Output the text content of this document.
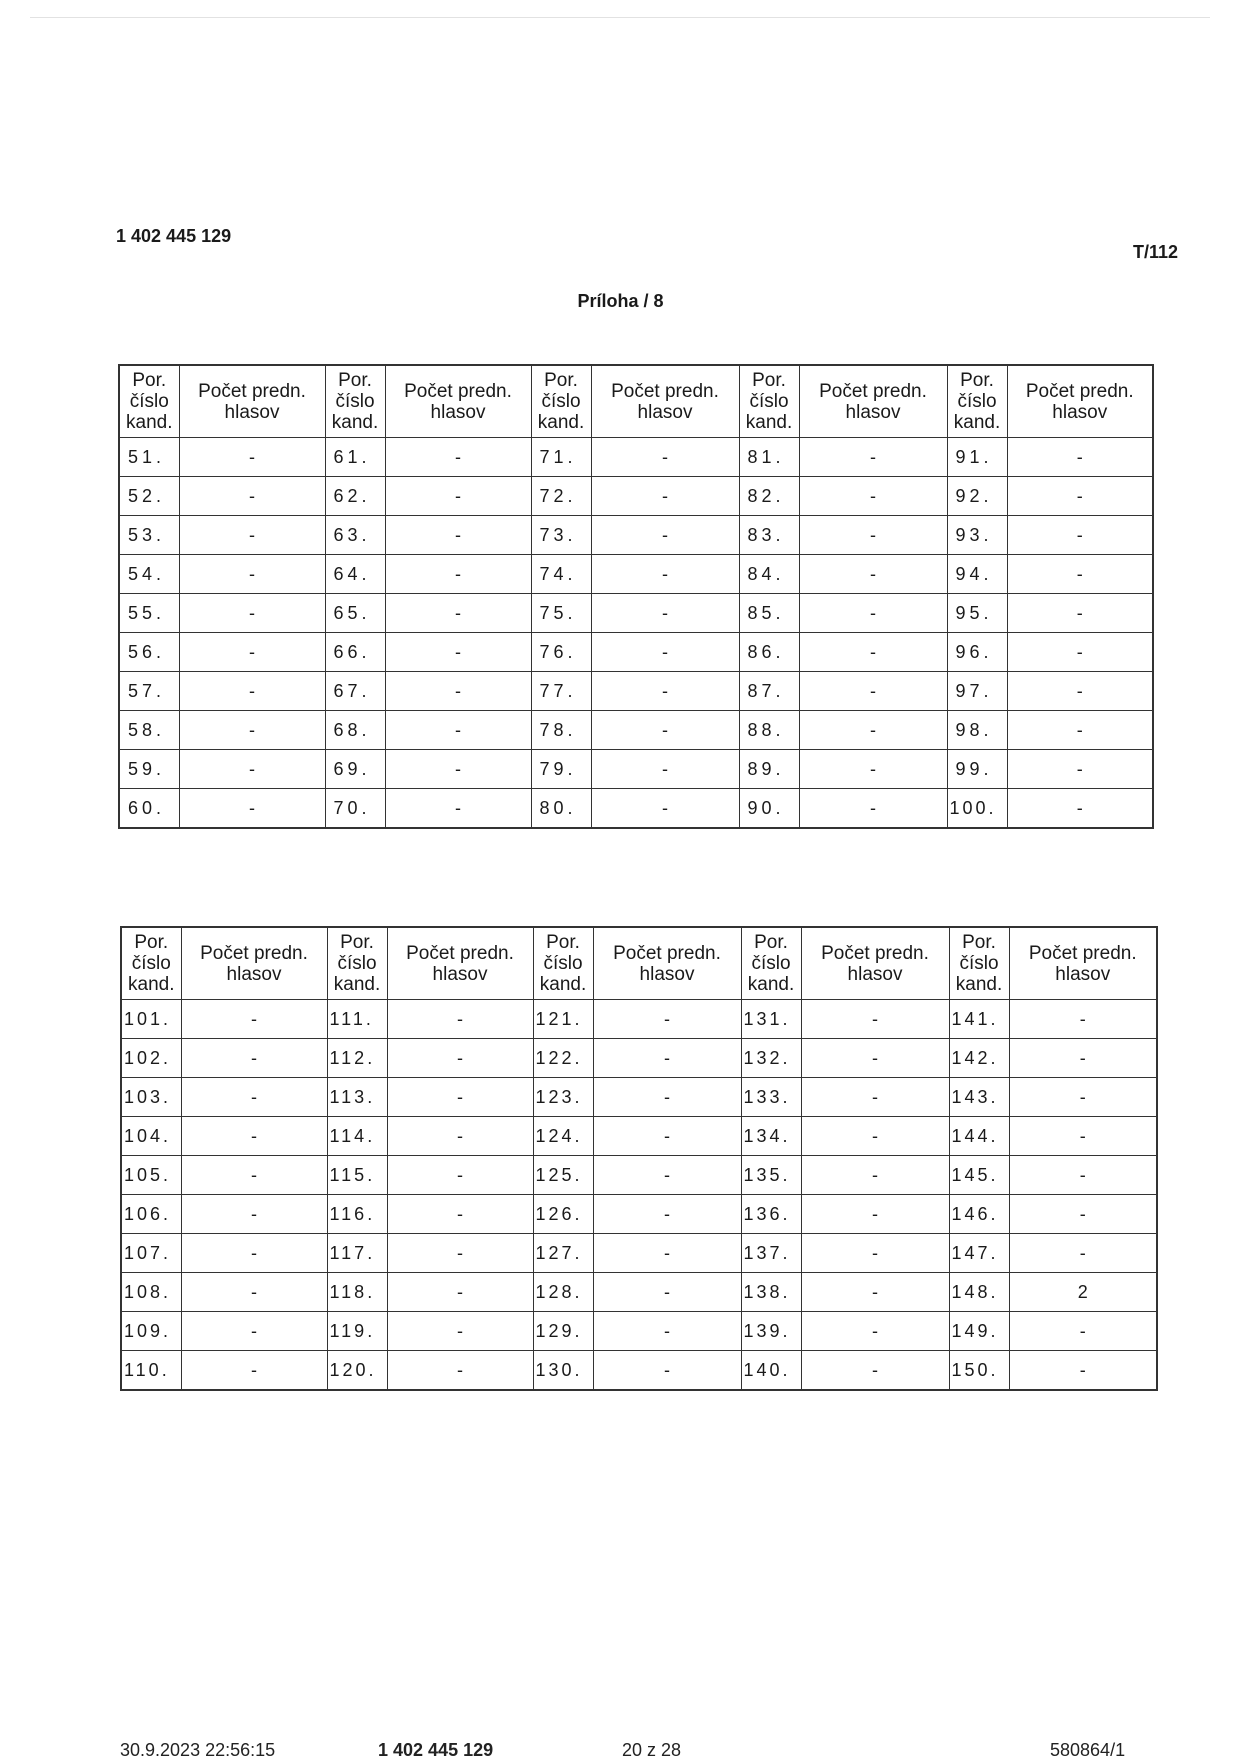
1 402 445 129
T/112
Príloha / 8
Por.
číslo
kand.	Počet predn.
hlasov	Por.
číslo
kand.	Počet predn.
hlasov	Por.
číslo
kand.	Počet predn.
hlasov	Por.
číslo
kand.	Počet predn.
hlasov	Por.
číslo
kand.	Počet predn.
hlasov
51.	-	61.	-	71.	-	81.	-	91.	-
52.	-	62.	-	72.	-	82.	-	92.	-
53.	-	63.	-	73.	-	83.	-	93.	-
54.	-	64.	-	74.	-	84.	-	94.	-
55.	-	65.	-	75.	-	85.	-	95.	-
56.	-	66.	-	76.	-	86.	-	96.	-
57.	-	67.	-	77.	-	87.	-	97.	-
58.	-	68.	-	78.	-	88.	-	98.	-
59.	-	69.	-	79.	-	89.	-	99.	-
60.	-	70.	-	80.	-	90.	-	100.	-
Por.
číslo
kand.	Počet predn.
hlasov	Por.
číslo
kand.	Počet predn.
hlasov	Por.
číslo
kand.	Počet predn.
hlasov	Por.
číslo
kand.	Počet predn.
hlasov	Por.
číslo
kand.	Počet predn.
hlasov
101.	-	111.	-	121.	-	131.	-	141.	-
102.	-	112.	-	122.	-	132.	-	142.	-
103.	-	113.	-	123.	-	133.	-	143.	-
104.	-	114.	-	124.	-	134.	-	144.	-
105.	-	115.	-	125.	-	135.	-	145.	-
106.	-	116.	-	126.	-	136.	-	146.	-
107.	-	117.	-	127.	-	137.	-	147.	-
108.	-	118.	-	128.	-	138.	-	148.	2
109.	-	119.	-	129.	-	139.	-	149.	-
110.	-	120.	-	130.	-	140.	-	150.	-
30.9.2023 22:56:15	1 402 445 129	20 z 28	580864/1
